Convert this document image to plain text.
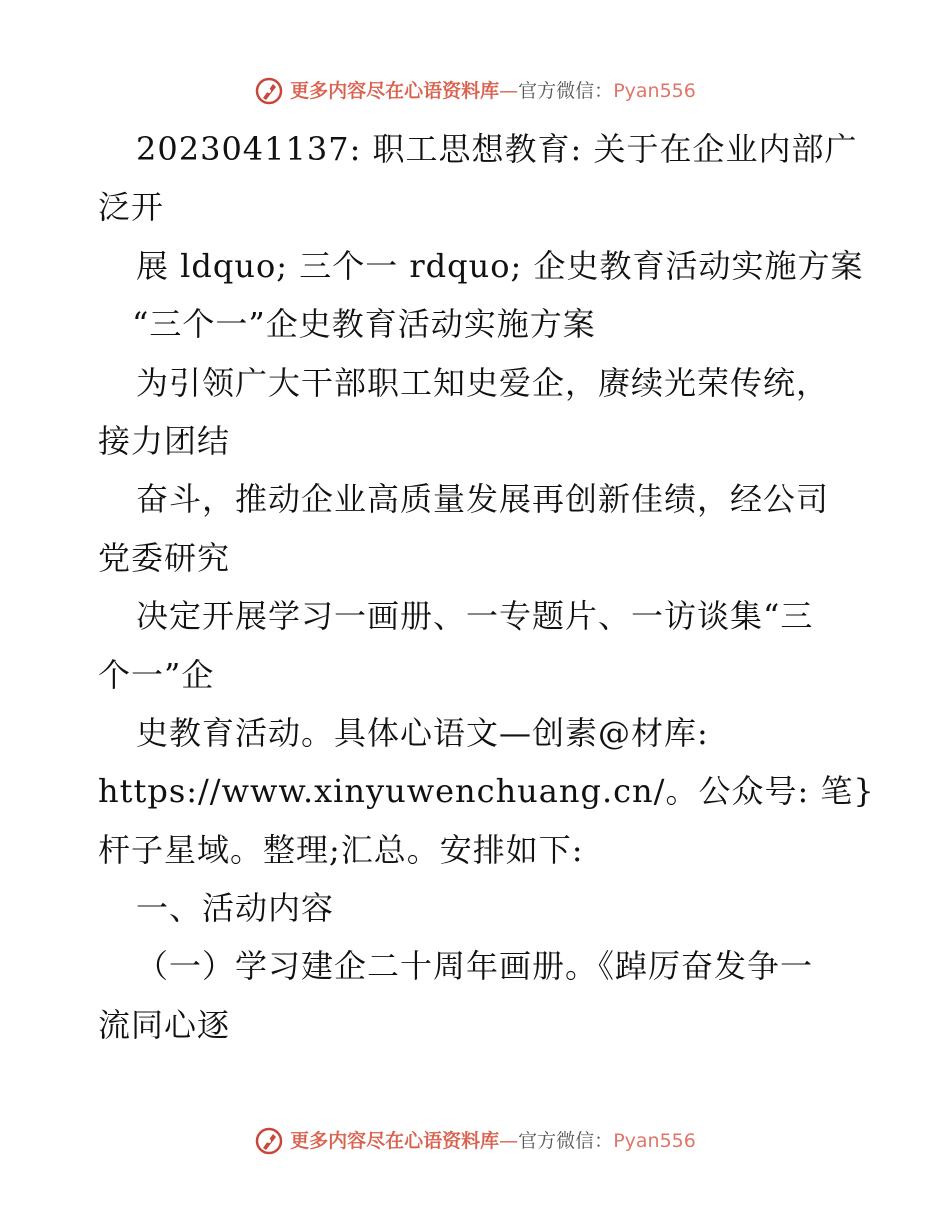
更多内容尽在心语资料库 — 官方微信： Pyan556
2023041137: 职工思想教育: 关于在企业内部广
泛开
展 ldquo; 三个一 rdquo; 企史教育活动实施方案
“三个一”企史教育活动实施方案
为引领广大干部职工知史爱企，赓续光荣传统，
接力团结
奋斗，推动企业高质量发展再创新佳绩，经公司
党委研究
决定开展学习一画册、一专题片、一访谈集“三
个一”企
史教育活动。具体心语文—创素@材库:
https://www.xinyuwenchuang.cn/。公众号: 笔}
杆子星域。整理;汇总。安排如下:
一、活动内容
（一）学习建企二十周年画册。《踔厉奋发争一
流同心逐
更多内容尽在心语资料库 — 官方微信： Pyan556
